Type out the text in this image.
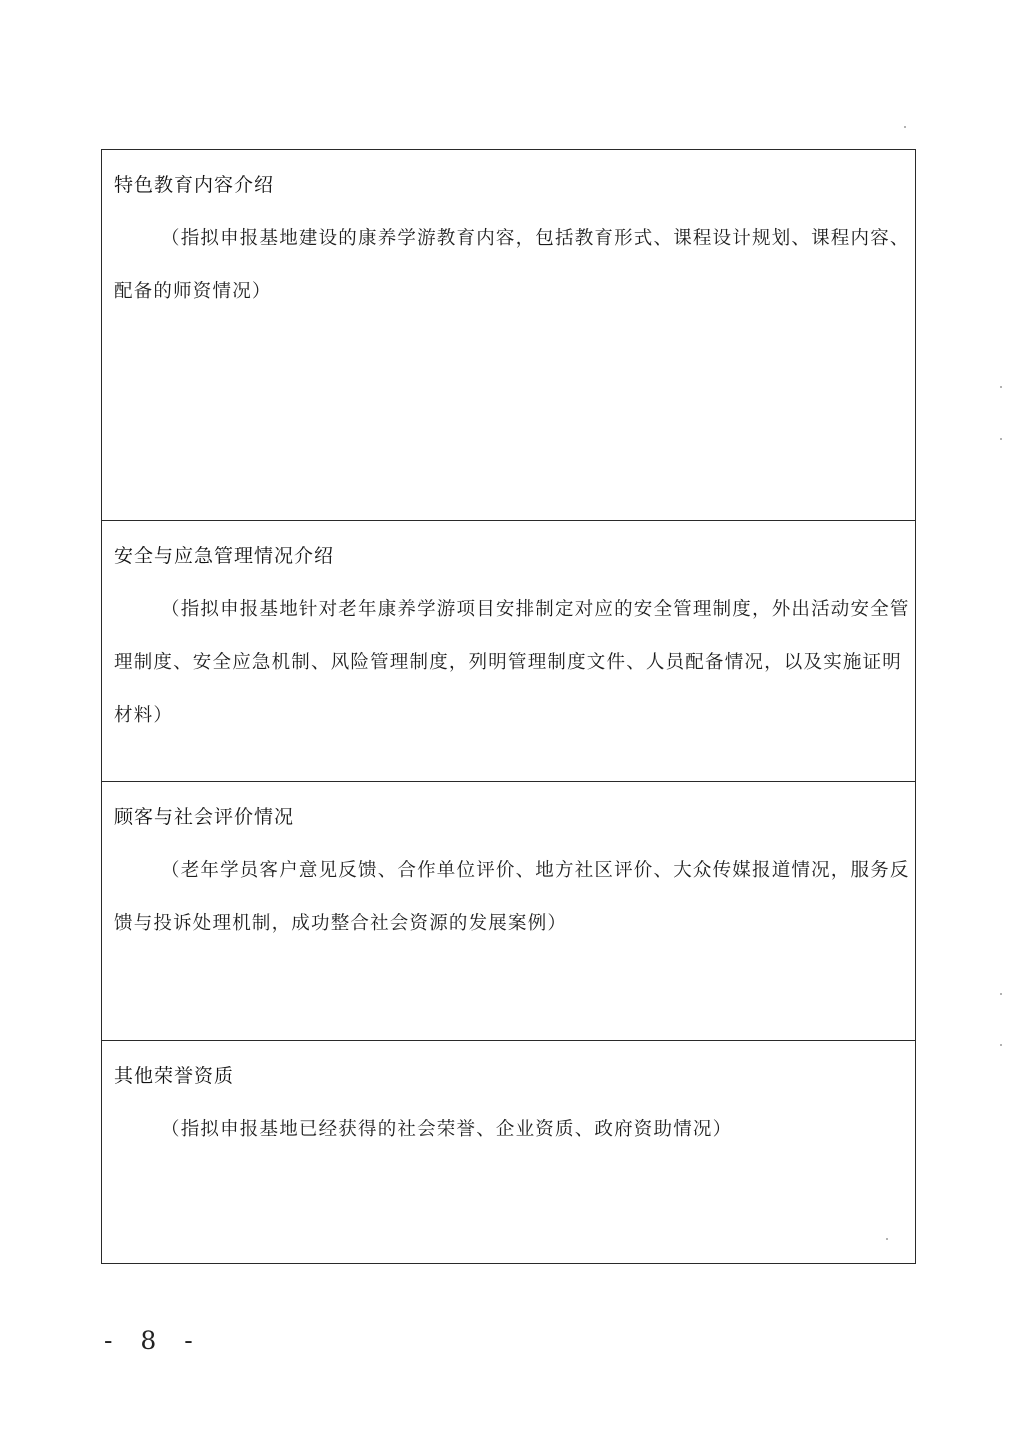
特色教育内容介绍

（指拟申报基地建设的康养学游教育内容，包括教育形式、课程设计规划、课程内容、配备的师资情况）

安全与应急管理情况介绍

（指拟申报基地针对老年康养学游项目安排制定对应的安全管理制度，外出活动安全管理制度、安全应急机制、风险管理制度，列明管理制度文件、人员配备情况，以及实施证明材料）

顾客与社会评价情况

（老年学员客户意见反馈、合作单位评价、地方社区评价、大众传媒报道情况，服务反馈与投诉处理机制，成功整合社会资源的发展案例）

其他荣誉资质

（指拟申报基地已经获得的社会荣誉、企业资质、政府资助情况）

- 8 -
